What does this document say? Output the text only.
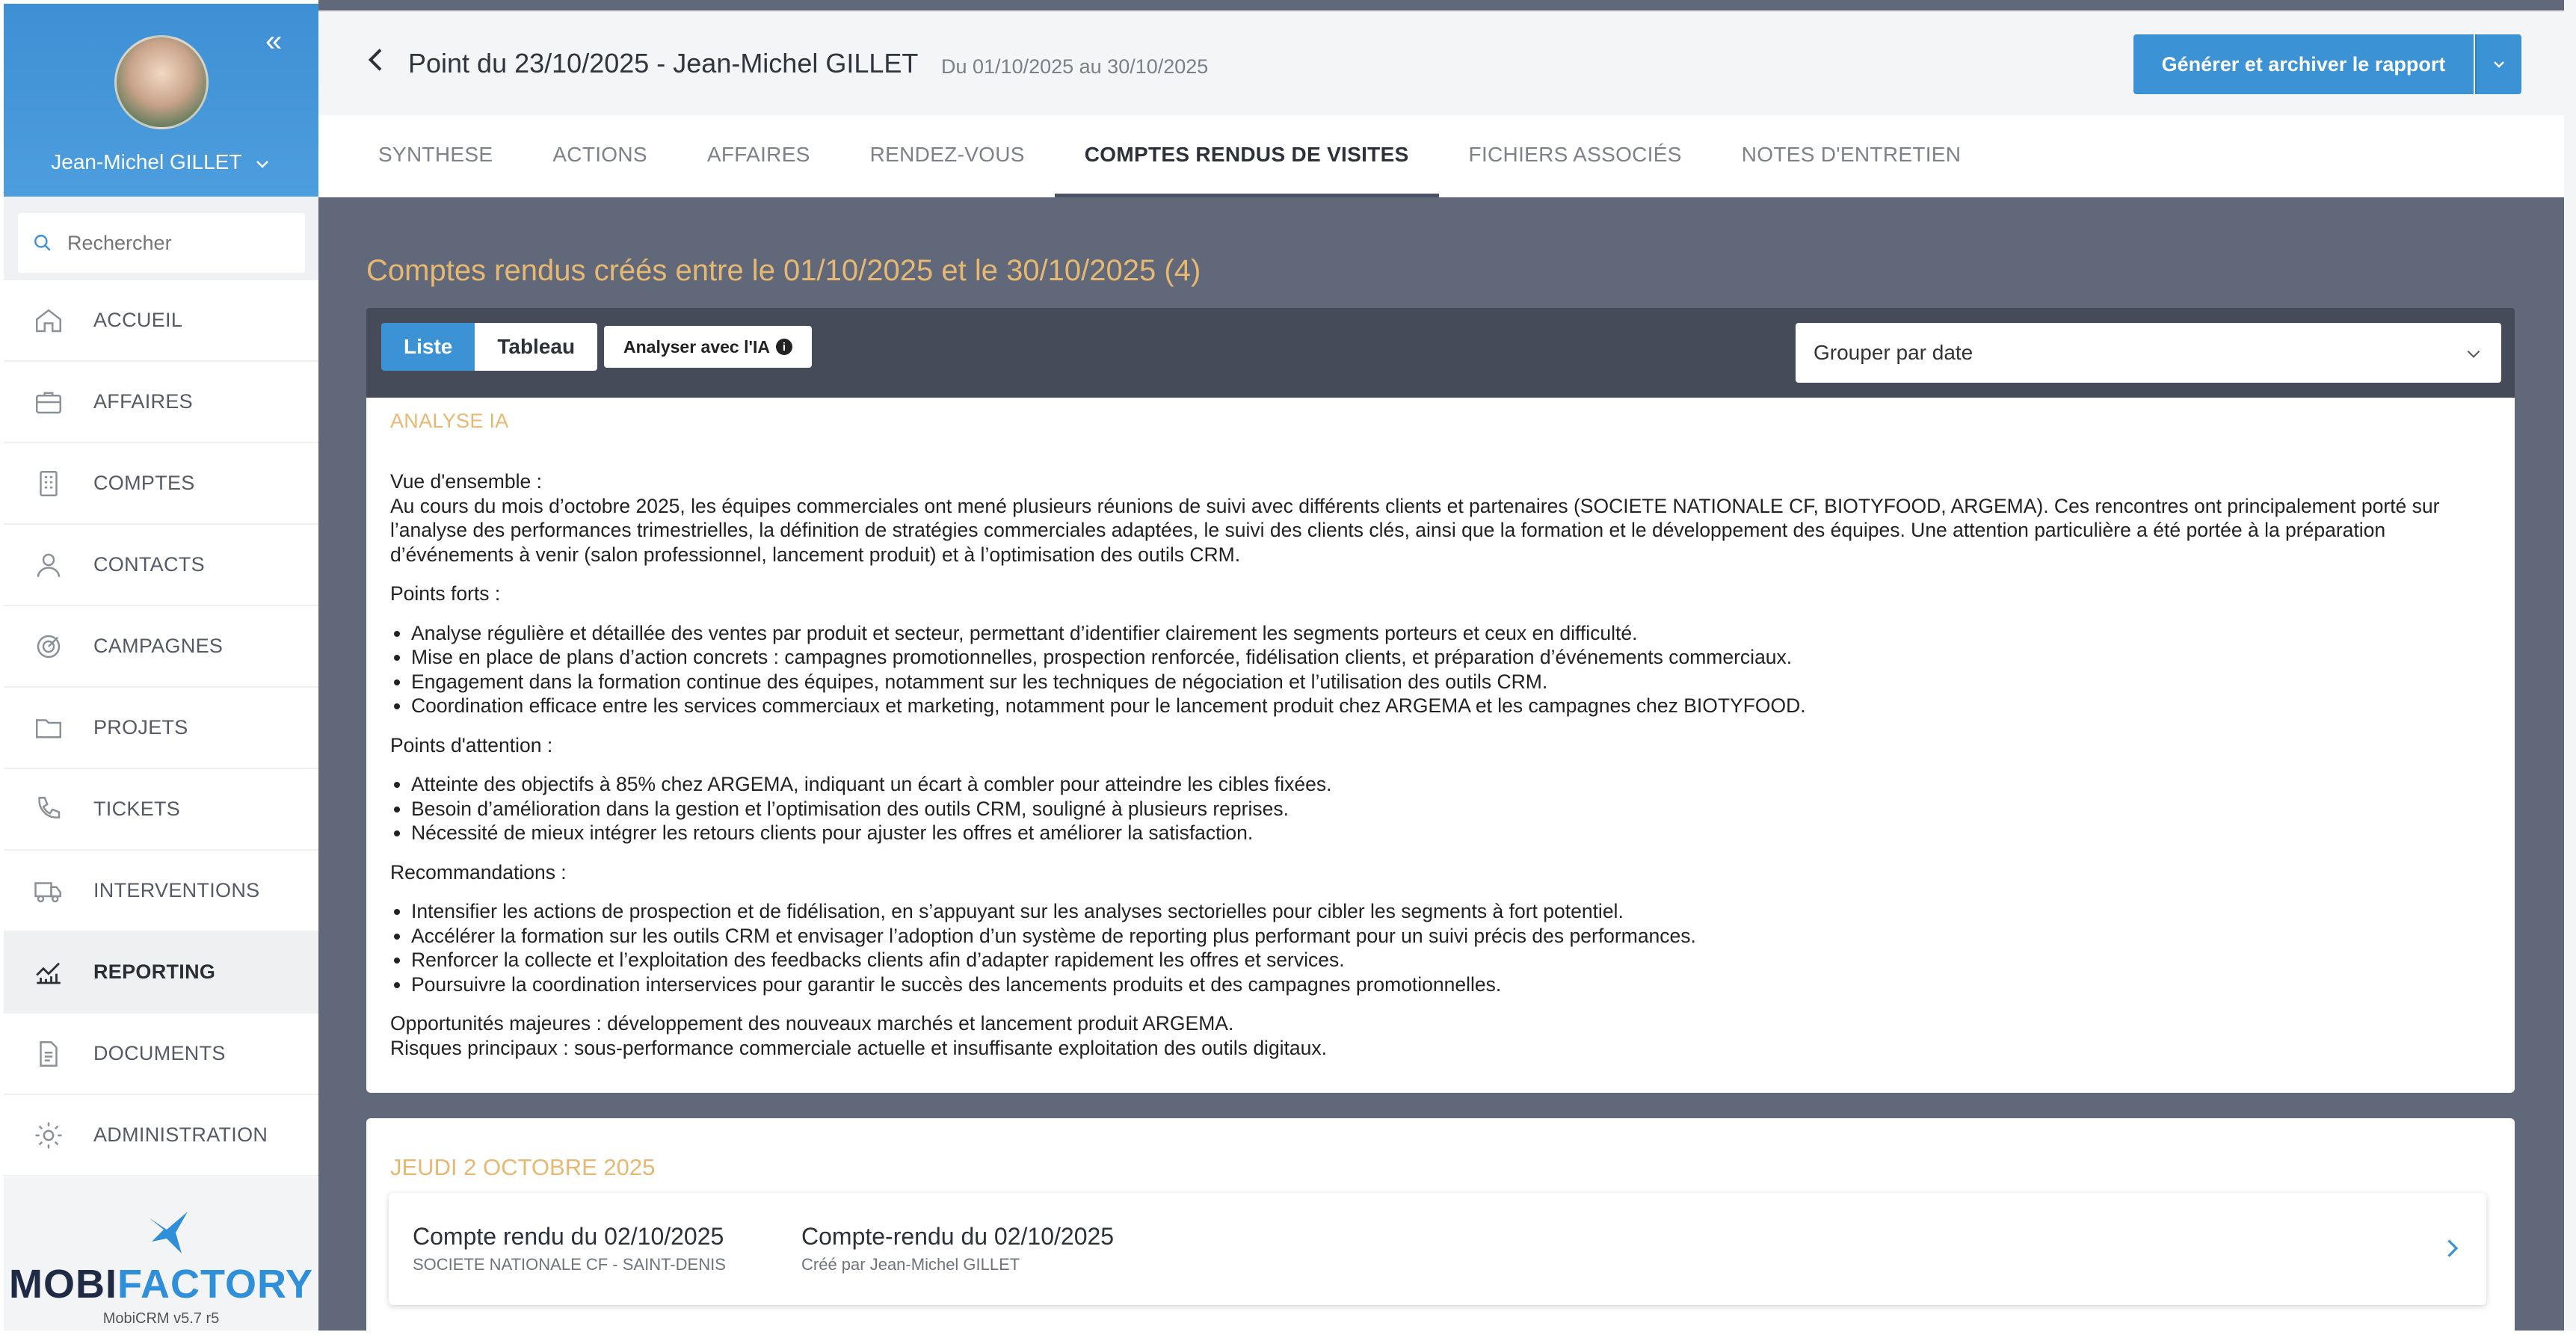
«
Jean-Michel GILLET
Rechercher
ACCUEIL
AFFAIRES
COMPTES
CONTACTS
CAMPAGNES
PROJETS
TICKETS
INTERVENTIONS
REPORTING
DOCUMENTS
ADMINISTRATION
MOBIFACTORY
MobiCRM v5.7 r5
Point du 23/10/2025 - Jean-Michel GILLET Du 01/10/2025 au 30/10/2025	Générer et archiver le rapport
SYNTHESE	ACTIONS	AFFAIRES	RENDEZ-VOUS	COMPTES RENDUS DE VISITES	FICHIERS ASSOCIÉS	NOTES D'ENTRETIEN
Comptes rendus créés entre le 01/10/2025 et le 30/10/2025 (4)
Liste	Tableau	Analyser avec l'IA	i	Grouper par date
ANALYSE IA

Vue d'ensemble :

Au cours du mois d’octobre 2025, les équipes commerciales ont mené plusieurs réunions de suivi avec différents clients et partenaires (SOCIETE NATIONALE CF, BIOTYFOOD, ARGEMA). Ces rencontres ont principalement porté sur l’analyse des performances trimestrielles, la définition de stratégies commerciales adaptées, le suivi des clients clés, ainsi que la formation et le développement des équipes. Une attention particulière a été portée à la préparation d’événements à venir (salon professionnel, lancement produit) et à l’optimisation des outils CRM.

Points forts :

• Analyse régulière et détaillée des ventes par produit et secteur, permettant d’identifier clairement les segments porteurs et ceux en difficulté.
• Mise en place de plans d’action concrets : campagnes promotionnelles, prospection renforcée, fidélisation clients, et préparation d’événements commerciaux.
• Engagement dans la formation continue des équipes, notamment sur les techniques de négociation et l’utilisation des outils CRM.
• Coordination efficace entre les services commerciaux et marketing, notamment pour le lancement produit chez ARGEMA et les campagnes chez BIOTYFOOD.

Points d'attention :

• Atteinte des objectifs à 85% chez ARGEMA, indiquant un écart à combler pour atteindre les cibles fixées.
• Besoin d’amélioration dans la gestion et l’optimisation des outils CRM, souligné à plusieurs reprises.
• Nécessité de mieux intégrer les retours clients pour ajuster les offres et améliorer la satisfaction.

Recommandations :

• Intensifier les actions de prospection et de fidélisation, en s’appuyant sur les analyses sectorielles pour cibler les segments à fort potentiel.
• Accélérer la formation sur les outils CRM et envisager l’adoption d’un système de reporting plus performant pour un suivi précis des performances.
• Renforcer la collecte et l’exploitation des feedbacks clients afin d’adapter rapidement les offres et services.
• Poursuivre la coordination interservices pour garantir le succès des lancements produits et des campagnes promotionnelles.

Opportunités majeures : développement des nouveaux marchés et lancement produit ARGEMA.

Risques principaux : sous-performance commerciale actuelle et insuffisante exploitation des outils digitaux.

JEUDI 2 OCTOBRE 2025
Compte rendu du 02/10/2025
SOCIETE NATIONALE CF - SAINT-DENIS
Compte-rendu du 02/10/2025
Créé par Jean-Michel GILLET
